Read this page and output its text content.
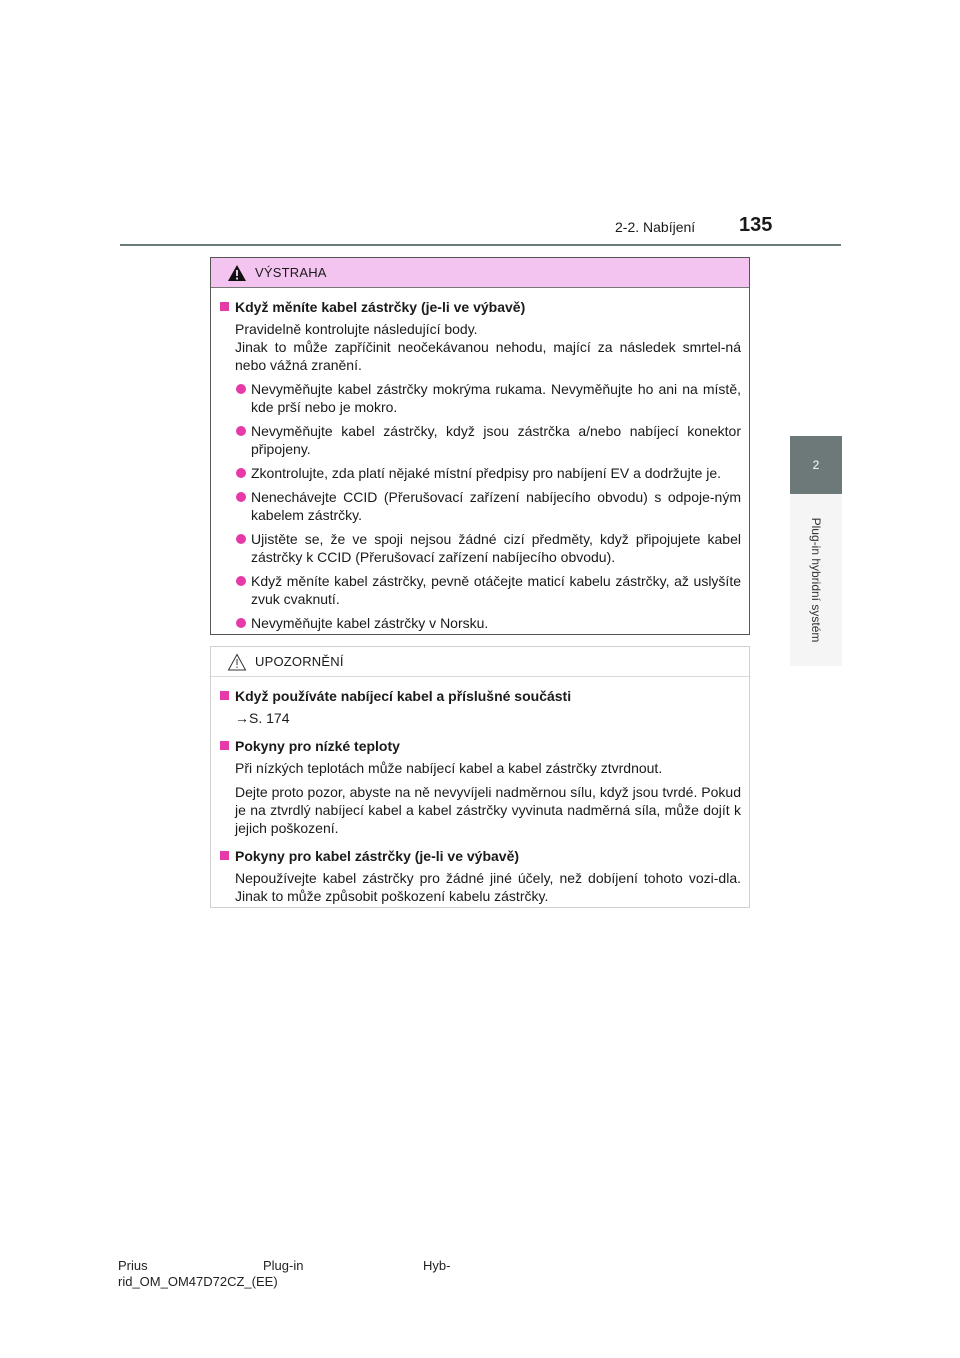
2-2. Nabíjení 135
2
Plug-in hybridní systém
VÝSTRAHA
Když měníte kabel zástrčky (je-li ve výbavě)
Pravidelně kontrolujte následující body.
Jinak to může zapříčinit neočekávanou nehodu, mající za následek smrtel-ná nebo vážná zranění.
Nevyměňujte kabel zástrčky mokrýma rukama. Nevyměňujte ho ani na místě, kde prší nebo je mokro.
Nevyměňujte kabel zástrčky, když jsou zástrčka a/nebo nabíjecí konektor připojeny.
Zkontrolujte, zda platí nějaké místní předpisy pro nabíjení EV a dodržujte je.
Nenechávejte CCID (Přerušovací zařízení nabíjecího obvodu) s odpoje-ným kabelem zástrčky.
Ujistěte se, že ve spoji nejsou žádné cizí předměty, když připojujete kabel zástrčky k CCID (Přerušovací zařízení nabíjecího obvodu).
Když měníte kabel zástrčky, pevně otáčejte maticí kabelu zástrčky, až uslyšíte zvuk cvaknutí.
Nevyměňujte kabel zástrčky v Norsku.
UPOZORNĚNÍ
Když používáte nabíjecí kabel a příslušné součásti
→S. 174
Pokyny pro nízké teploty
Při nízkých teplotách může nabíjecí kabel a kabel zástrčky ztvrdnout.
Dejte proto pozor, abyste na ně nevyvíjeli nadměrnou sílu, když jsou tvrdé. Pokud je na ztvrdlý nabíjecí kabel a kabel zástrčky vyvinuta nadměrná síla, může dojít k jejich poškození.
Pokyny pro kabel zástrčky (je-li ve výbavě)
Nepoužívejte kabel zástrčky pro žádné jiné účely, než dobíjení tohoto vozi-dla. Jinak to může způsobit poškození kabelu zástrčky.
Prius	Plug-in	Hyb-
rid_OM_OM47D72CZ_(EE)
